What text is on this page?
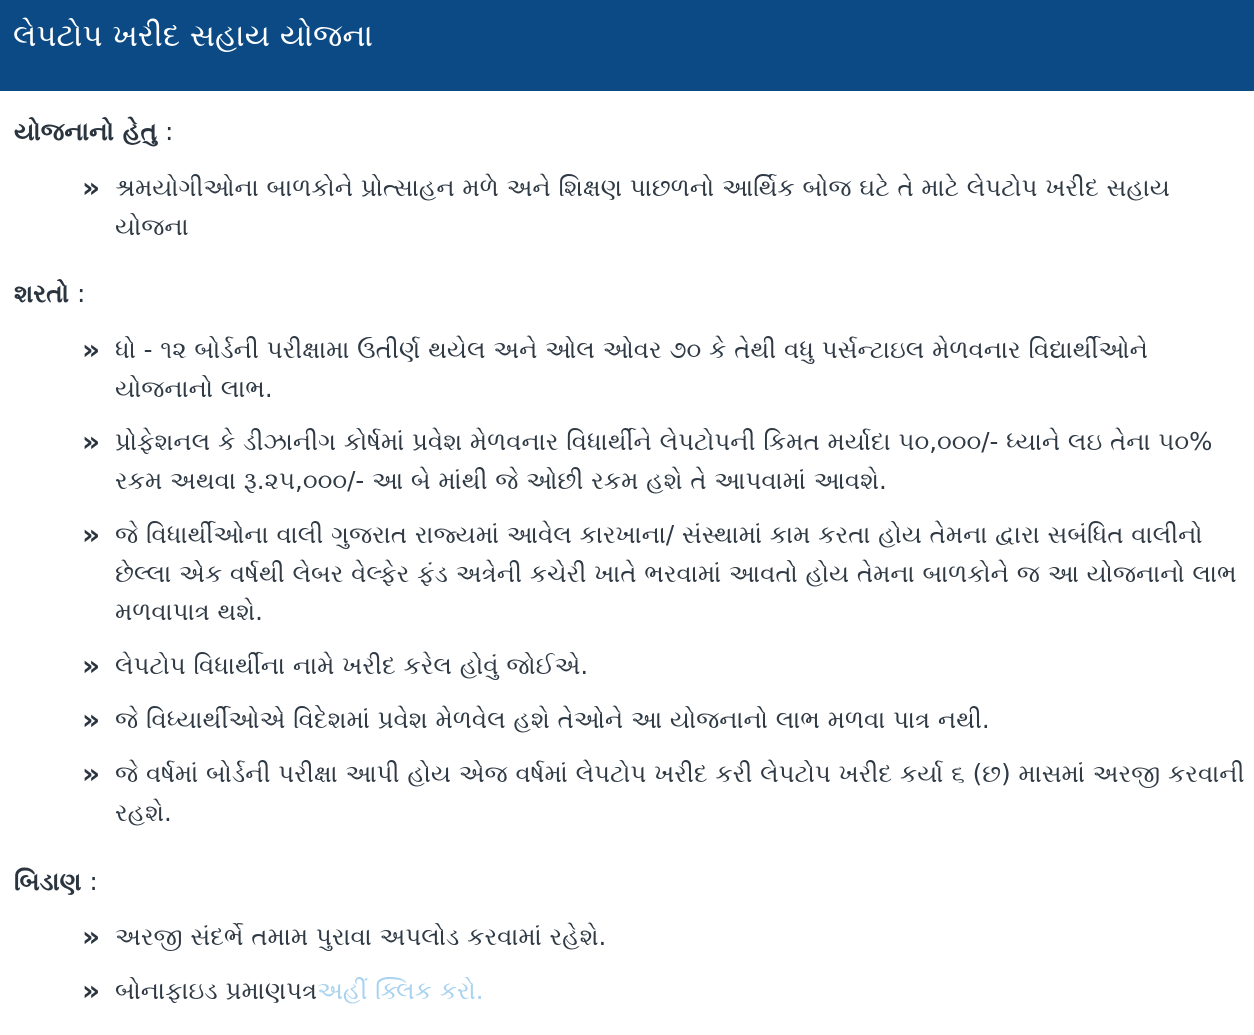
લેપટોપ ખરીદ સહાય યોજના
યોજનાનો હેતુ :
» શ્રમયોગીઓના બાળકોને પ્રોત્સાહન મળે અને શિક્ષણ પાછળનો આર્થિક બોજ ઘટે તે માટે લેપટોપ ખરીદ સહાય યોજના
શરતો :
» ધો - ૧૨ બોર્ડની પરીક્ષામા ઉતીર્ણ થયેલ અને ઓલ ઓવર ૭૦ કે તેથી વધુ પર્સન્ટાઇલ મેળવનાર વિદ્યાર્થીઓને યોજનાનો લાભ.
» પ્રોફેશનલ કે ડીઝાનીગ કોર્ષમાં પ્રવેશ મેળવનાર વિધાર્થીને લેપટોપની કિમત મર્યાદા ૫૦,૦૦૦/- ધ્યાને લઇ તેના ૫૦% રકમ અથવા રૂ.૨૫,૦૦૦/- આ બે માંથી જે ઓછી રકમ હશે તે આપવામાં આવશે.
» જે વિધાર્થીઓના વાલી ગુજરાત રાજ્યમાં આવેલ કારખાના/ સંસ્થામાં કામ કરતા હોય તેમના દ્વારા સબંધિત વાલીનો છેલ્લા એક વર્ષથી લેબર વેલ્ફેર ફંડ અત્રેની કચેરી ખાતે ભરવામાં આવતો હોય તેમના બાળકોને જ આ યોજનાનો લાભ મળવાપાત્ર થશે.
» લેપટોપ વિધાર્થીના નામે ખરીદ કરેલ હોવું જોઈએ.
» જે વિધ્યાર્થીઓએ વિદેશમાં પ્રવેશ મેળવેલ હશે તેઓને આ યોજનાનો લાભ મળવા પાત્ર નથી.
» જે વર્ષમાં બોર્ડની પરીક્ષા આપી હોય એજ વર્ષમાં લેપટોપ ખરીદ કરી લેપટોપ ખરીદ કર્યા ૬ (છ) માસમાં અરજી કરવાની રહશે.
બિડાણ :
» અરજી સંદર્ભે તમામ પુરાવા અપલોડ કરવામાં રહેશે.
» બોનાફાઇડ પ્રમાણપત્રઅહીં ક્લિક કરો.
